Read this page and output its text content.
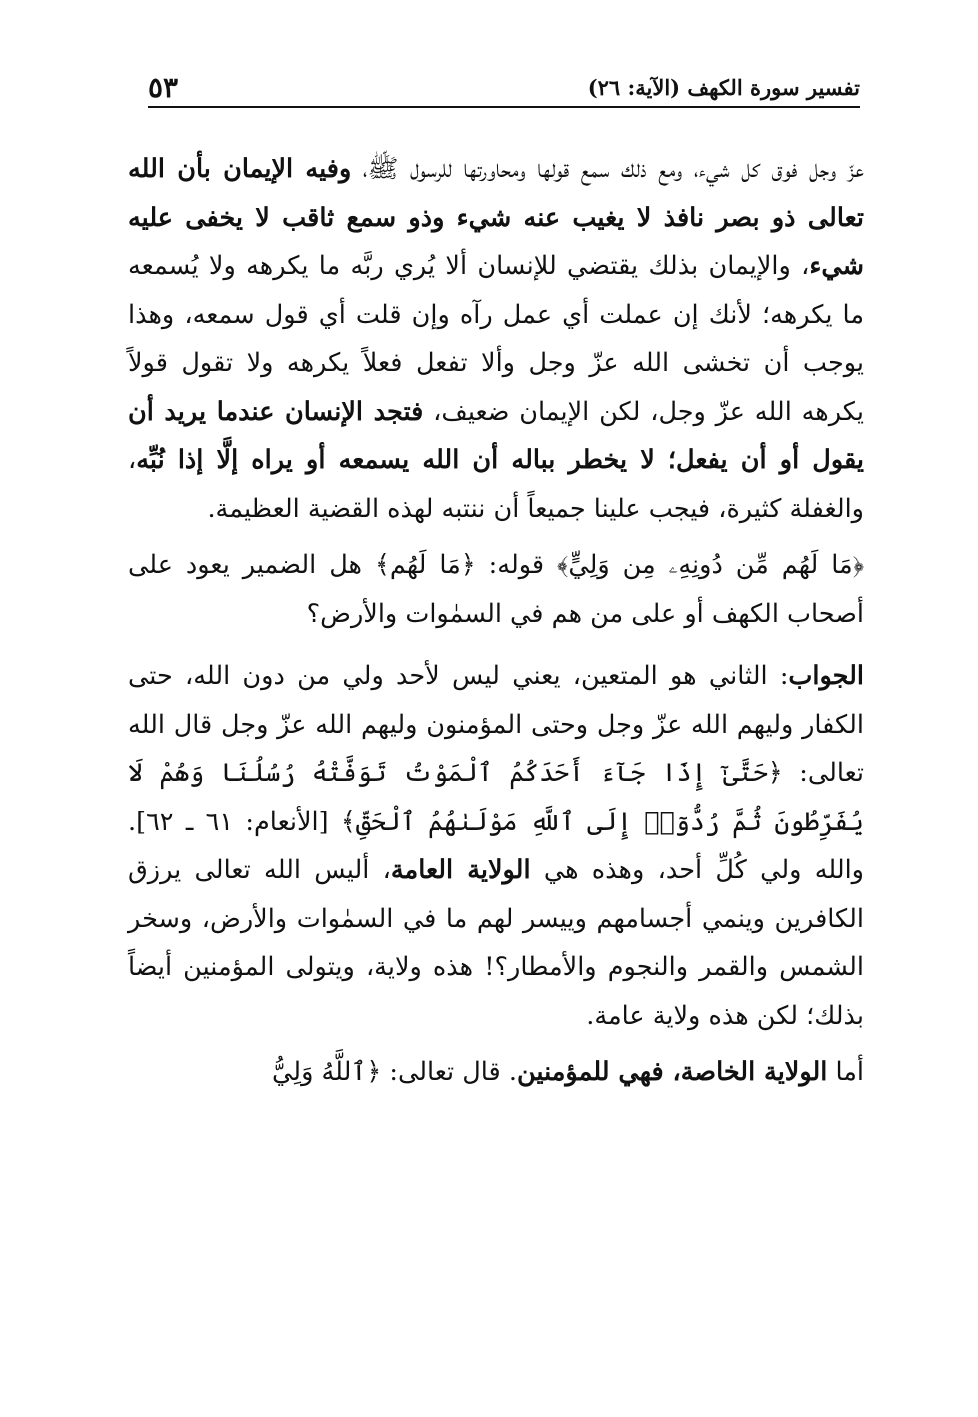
تفسير سورة الكهف (الآية: ٢٦)
٥٣

عزّ وجل فوق كل شيء، ومع ذلك سمع قولها ومحاورتها للرسول ﷺ، وفيه الإيمان بأن الله تعالى ذو بصر نافذ لا يغيب عنه شيء وذو سمع ثاقب لا يخفى عليه شيء، والإيمان بذلك يقتضي للإنسان ألا يُري ربَّه ما يكرهه ولا يُسمعه ما يكرهه؛ لأنك إن عملت أي عمل رآه وإن قلت أي قول سمعه، وهذا يوجب أن تخشى الله عزّ وجل وألا تفعل فعلاً يكرهه ولا تقول قولاً يكرهه الله عزّ وجل، لكن الإيمان ضعيف، فتجد الإنسان عندما يريد أن يقول أو أن يفعل؛ لا يخطر بباله أن الله يسمعه أو يراه إلَّا إذا نُبِّه، والغفلة كثيرة، فيجب علينا جميعاً أن ننتبه لهذه القضية العظيمة.

﴿مَا لَهُم مِّن دُونِهِۦ مِن وَلِيٍّ﴾ قوله: ﴿مَا لَهُم﴾ هل الضمير يعود على أصحاب الكهف أو على من هم في السمٰوات والأرض؟

الجواب: الثاني هو المتعين، يعني ليس لأحد ولي من دون الله، حتى الكفار وليهم الله عزّ وجل وحتى المؤمنون وليهم الله عزّ وجل قال الله تعالى: ﴿حَتَّىٰٓ إِذَا جَآءَ أَحَدَكُمُ ٱلْمَوْتُ تَوَفَّتْهُ رُسُلُنَا وَهُمْ لَا يُفَرِّطُونَ ثُمَّ رُدُّوٓا۟ إِلَى ٱللَّهِ مَوْلَىٰهُمُ ٱلْحَقِّ﴾ [الأنعام: ٦١ ـ ٦٢]. والله ولي كُلِّ أحد، وهذه هي الولاية العامة، أليس الله تعالى يرزق الكافرين وينمي أجسامهم وييسر لهم ما في السمٰوات والأرض، وسخر الشمس والقمر والنجوم والأمطار؟! هذه ولاية، ويتولى المؤمنين أيضاً بذلك؛ لكن هذه ولاية عامة.

أما الولاية الخاصة، فهي للمؤمنين. قال تعالى: ﴿ٱللَّهُ وَلِيُّ
